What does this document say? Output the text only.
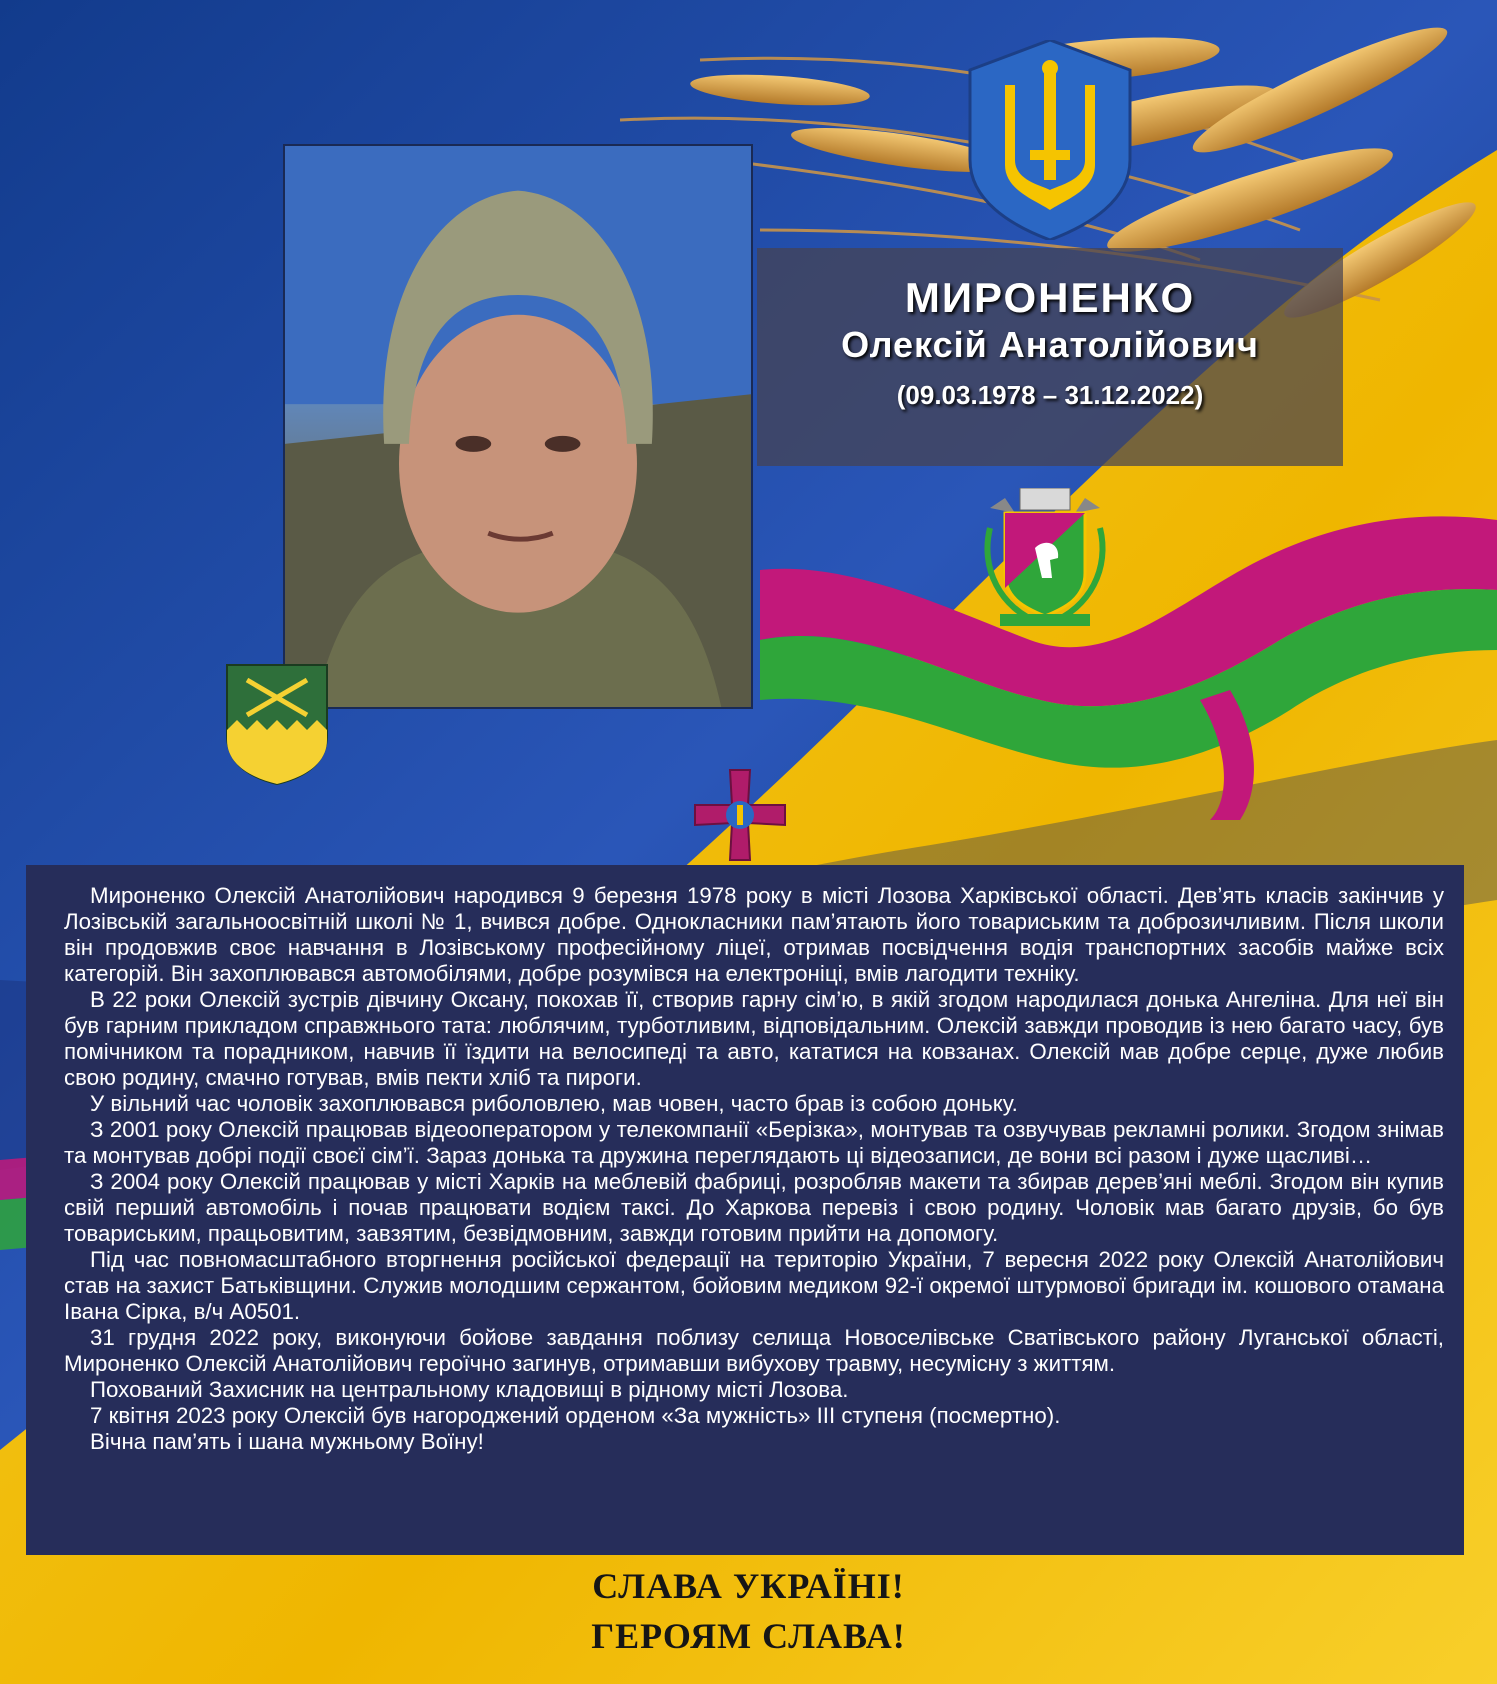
МИРОНЕНКО
Олексій Анатолійович
(09.03.1978 – 31.12.2022)

Мироненко Олексій Анатолійович народився 9 березня 1978 року в місті Лозова Харківської області. Дев’ять класів закінчив у Лозівській загальноосвітній школі № 1, вчився добре. Однокласники пам’ятають його товариським та доброзичливим. Після школи він продовжив своє навчання в Лозівському професійному ліцеї, отримав посвідчення водія транспортних засобів майже всіх категорій. Він захоплювався автомобілями, добре розумівся на електроніці, вмів лагодити техніку.

В 22 роки Олексій зустрів дівчину Оксану, покохав її, створив гарну сім’ю, в якій згодом народилася донька Ангеліна. Для неї він був гарним прикладом справжнього тата: люблячим, турботливим, відповідальним. Олексій завжди проводив із нею багато часу, був помічником та порадником, навчив її їздити на велосипеді та авто, кататися на ковзанах. Олексій мав добре серце, дуже любив свою родину, смачно готував, вмів пекти хліб та пироги.

У вільний час чоловік захоплювався риболовлею, мав човен, часто брав із собою доньку.

З 2001 року Олексій працював відеооператором у телекомпанії «Берізка», монтував та озвучував рекламні ролики. Згодом знімав та монтував добрі події своєї сім’ї. Зараз донька та дружина переглядають ці відеозаписи, де вони всі разом і дуже щасливі…

З 2004 року Олексій працював у місті Харків на меблевій фабриці, розробляв макети та збирав дерев’яні меблі. Згодом він купив свій перший автомобіль і почав працювати водієм таксі. До Харкова перевіз і свою родину. Чоловік мав багато друзів, бо був товариським, працьовитим, завзятим, безвідмовним, завжди готовим прийти на допомогу.

Під час повномасштабного вторгнення російської федерації на територію України, 7 вересня 2022 року Олексій Анатолійович став на захист Батьківщини. Служив молодшим сержантом, бойовим медиком 92-ї окремої штурмової бригади ім. кошового отамана Івана Сірка, в/ч А0501.

31 грудня 2022 року, виконуючи бойове завдання поблизу селища Новоселівське Сватівського району Луганської області, Мироненко Олексій Анатолійович героїчно загинув, отримавши вибухову травму, несумісну з життям.

Похований Захисник на центральному кладовищі в рідному місті Лозова.

7 квітня 2023 року Олексій був нагороджений орденом «За мужність» ІІІ ступеня (посмертно).

Вічна пам’ять і шана мужньому Воїну!

СЛАВА УКРАЇНІ!
ГЕРОЯМ СЛАВА!
